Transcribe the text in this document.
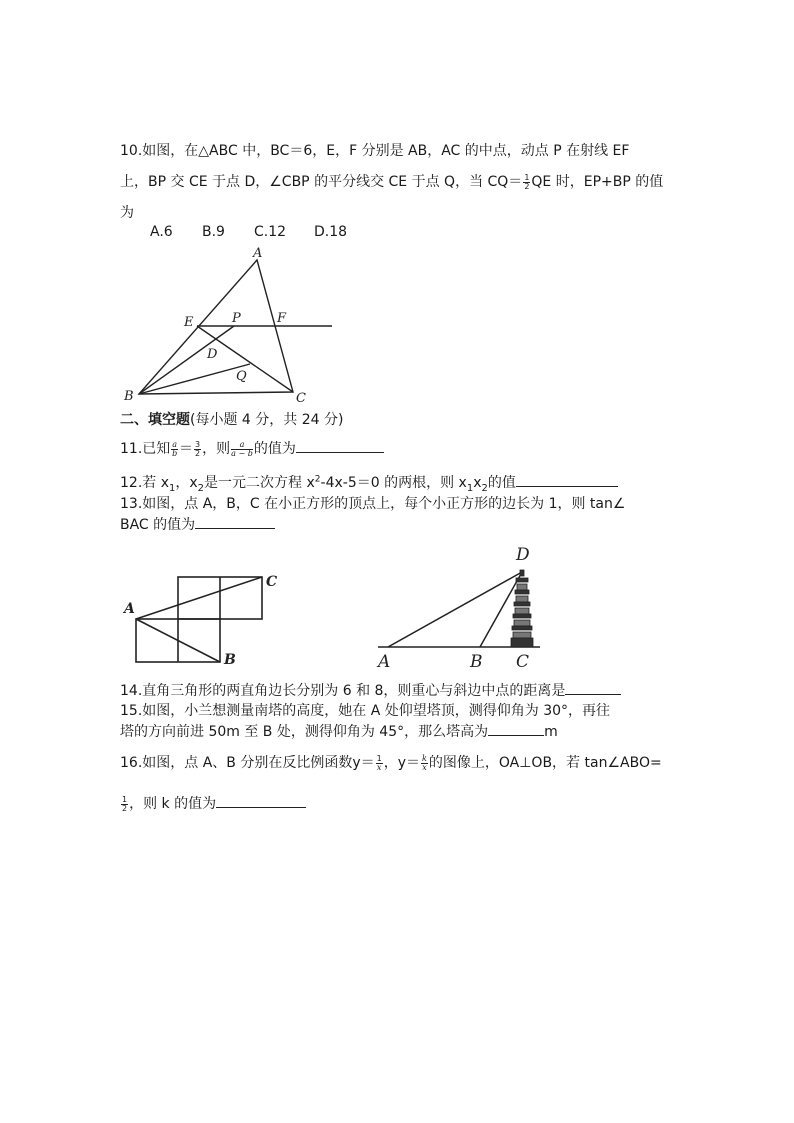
10.如图，在△ABC 中，BC＝6，E，F 分别是 AB，AC 的中点，动点 P 在射线 EF
上，BP 交 CE 于点 D，∠CBP 的平分线交 CE 于点 Q，当 $CQ= \frac{1}{2}$ QE 时，EP+BP 的值
为
A.6 B.9 C.12 D.18
A
B	C
D
E	F
P
Q
二、填空题(每小题 4 分，共 24 分)
11.已知 $\frac{a}{b} = \frac{3}{2}$ ，则 $\frac{a}{a - b}$ 的值为
12.若 $x_1$，$x_2$是一元二次方程 $x^2-4x-5=0$ 的两根，则 $x_1x_2$的值
13.如图，点 A，B，C 在小正方形的顶点上，每个小正方形的边长为 1，则 tan∠
BAC 的值为
A
B
C
D
A	B C
14.直角三角形的两直角边长分别为 6 和 8，则重心与斜边中点的距离是
15.如图，小兰想测量南塔的高度，她在 A 处仰望塔顶，测得仰角为 30°，再往
塔的方向前进 50m 至 B 处，测得仰角为 45°，那么塔高为	m
16.如图，点 A、B 分别在反比例函数$y= \frac{1}{x}$ ，$y= \frac{k}{x}$ 的图像上，OA⊥OB，若 tan∠ABO=
$\frac{1}{2}$ ，则 k 的值为
